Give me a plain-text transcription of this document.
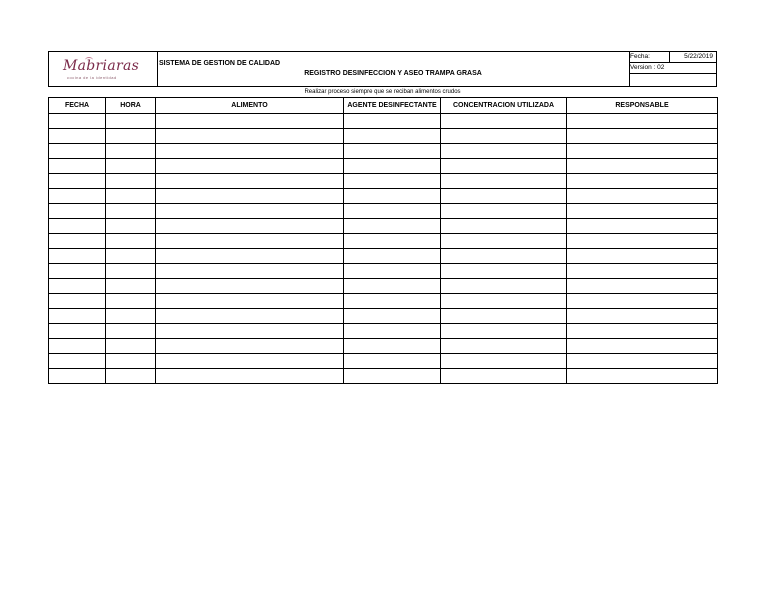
Mabriaras
cocina de la identidad
SISTEMA DE GESTION DE CALIDAD
REGISTRO DESINFECCION Y ASEO TRAMPA GRASA
Fecha:	5/22/2019
Version : 02
Realizar proceso siempre que se reciban alimentos crudos
FECHA	HORA	ALIMENTO	AGENTE DESINFECTANTE	CONCENTRACION UTILIZADA	RESPONSABLE
